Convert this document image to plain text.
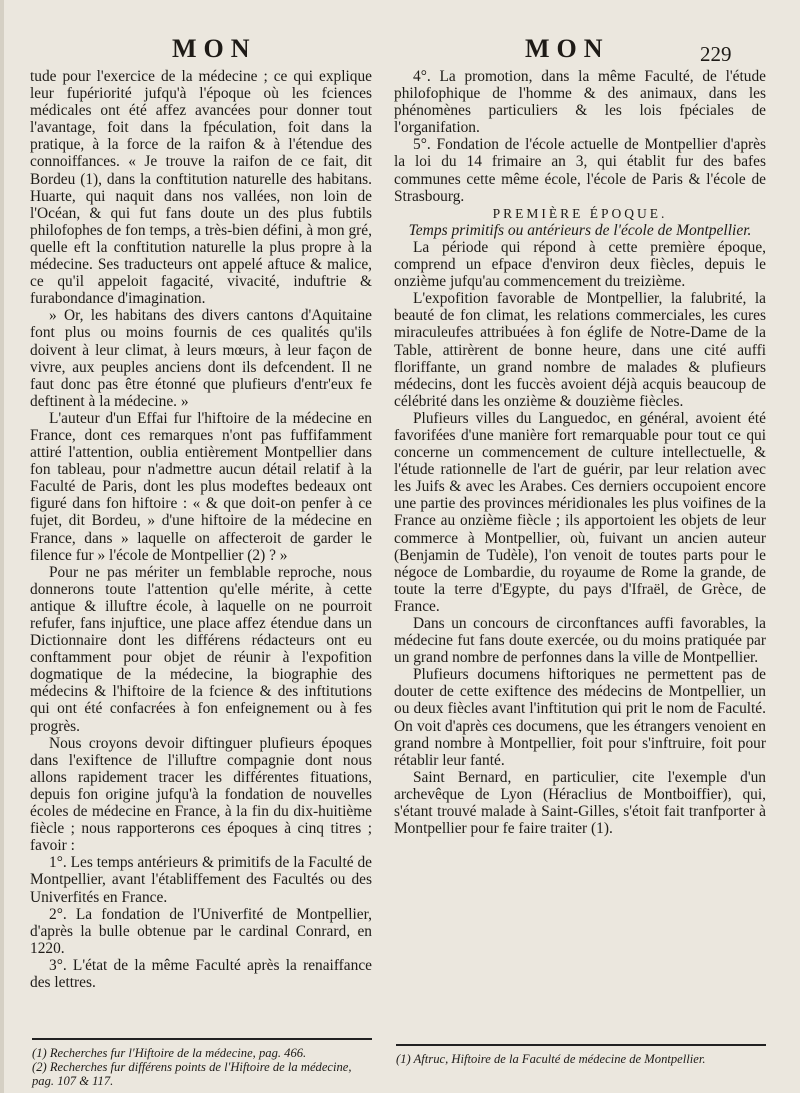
MON	MON	229

tude pour l'exercice de la médecine ; ce qui explique leur fupériorité jufqu'à l'époque où les fciences médicales ont été affez avancées pour donner tout l'avantage, foit dans la fpéculation, foit dans la pratique, à la force de la raifon & à l'étendue des connoiffances. « Je trouve la raifon de ce fait, dit Bordeu (1), dans la conftitution naturelle des habitans. Huarte, qui naquit dans nos vallées, non loin de l'Océan, & qui fut fans doute un des plus fubtils philofophes de fon temps, a très-bien défini, à mon gré, quelle eft la conftitution naturelle la plus propre à la médecine. Ses traducteurs ont appelé aftuce & malice, ce qu'il appeloit fagacité, vivacité, induftrie & furabondance d'imagination.

» Or, les habitans des divers cantons d'Aquitaine font plus ou moins fournis de ces qualités qu'ils doivent à leur climat, à leurs mœurs, à leur façon de vivre, aux peuples anciens dont ils defcendent. Il ne faut donc pas être étonné que plufieurs d'entr'eux fe deftinent à la médecine. »

L'auteur d'un Effai fur l'hiftoire de la médecine en France, dont ces remarques n'ont pas fuffifamment attiré l'attention, oublia entièrement Montpellier dans fon tableau, pour n'admettre aucun détail relatif à la Faculté de Paris, dont les plus modeftes bedeaux ont figuré dans fon hiftoire : « & que doit-on penfer à ce fujet, dit Bordeu, » d'une hiftoire de la médecine en France, dans » laquelle on affecteroit de garder le filence fur » l'école de Montpellier (2) ? »

Pour ne pas mériter un femblable reproche, nous donnerons toute l'attention qu'elle mérite, à cette antique & illuftre école, à laquelle on ne pourroit refufer, fans injuftice, une place affez étendue dans un Dictionnaire dont les différens rédacteurs ont eu conftamment pour objet de réunir à l'expofition dogmatique de la médecine, la biographie des médecins & l'hiftoire de la fcience & des inftitutions qui ont été confacrées à fon enfeignement ou à fes progrès.

Nous croyons devoir diftinguer plufieurs époques dans l'exiftence de l'illuftre compagnie dont nous allons rapidement tracer les différentes fituations, depuis fon origine jufqu'à la fondation de nouvelles écoles de médecine en France, à la fin du dix-huitième fiècle ; nous rapporterons ces époques à cinq titres ; favoir :

1°. Les temps antérieurs & primitifs de la Faculté de Montpellier, avant l'établiffement des Facultés ou des Univerfités en France.

2°. La fondation de l'Univerfité de Montpellier, d'après la bulle obtenue par le cardinal Conrard, en 1220.

3°. L'état de la même Faculté après la renaiffance des lettres.

4°. La promotion, dans la même Faculté, de l'étude philofophique de l'homme & des animaux, dans les phénomènes particuliers & les lois fpéciales de l'organifation.

5°. Fondation de l'école actuelle de Montpellier d'après la loi du 14 frimaire an 3, qui établit fur des bafes communes cette même école, l'école de Paris & l'école de Strasbourg.

PREMIÈRE ÉPOQUE.

Temps primitifs ou antérieurs de l'école de Montpellier.

La période qui répond à cette première époque, comprend un efpace d'environ deux fiècles, depuis le onzième jufqu'au commencement du treizième.

L'expofition favorable de Montpellier, la falubrité, la beauté de fon climat, les relations commerciales, les cures miraculeufes attribuées à fon églife de Notre-Dame de la Table, attirèrent de bonne heure, dans une cité auffi floriffante, un grand nombre de malades & plufieurs médecins, dont les fuccès avoient déjà acquis beaucoup de célébrité dans les onzième & douzième fiècles.

Plufieurs villes du Languedoc, en général, avoient été favorifées d'une manière fort remarquable pour tout ce qui concerne un commencement de culture intellectuelle, & l'étude rationnelle de l'art de guérir, par leur relation avec les Juifs & avec les Arabes. Ces derniers occupoient encore une partie des provinces méridionales les plus voifines de la France au onzième fiècle ; ils apportoient les objets de leur commerce à Montpellier, où, fuivant un ancien auteur (Benjamin de Tudèle), l'on venoit de toutes parts pour le négoce de Lombardie, du royaume de Rome la grande, de toute la terre d'Egypte, du pays d'Ifraël, de Grèce, de France.

Dans un concours de circonftances auffi favorables, la médecine fut fans doute exercée, ou du moins pratiquée par un grand nombre de perfonnes dans la ville de Montpellier.

Plufieurs documens hiftoriques ne permettent pas de douter de cette exiftence des médecins de Montpellier, un ou deux fiècles avant l'inftitution qui prit le nom de Faculté. On voit d'après ces documens, que les étrangers venoient en grand nombre à Montpellier, foit pour s'inftruire, foit pour rétablir leur fanté.

Saint Bernard, en particulier, cite l'exemple d'un archevêque de Lyon (Héraclius de Montboiffier), qui, s'étant trouvé malade à Saint-Gilles, s'étoit fait tranfporter à Montpellier pour fe faire traiter (1).

(1) Recherches fur l'Hiftoire de la médecine, pag. 466.

(2) Recherches fur différens points de l'Hiftoire de la médecine, pag. 107 & 117.

(1) Aftruc, Hiftoire de la Faculté de médecine de Montpellier.
